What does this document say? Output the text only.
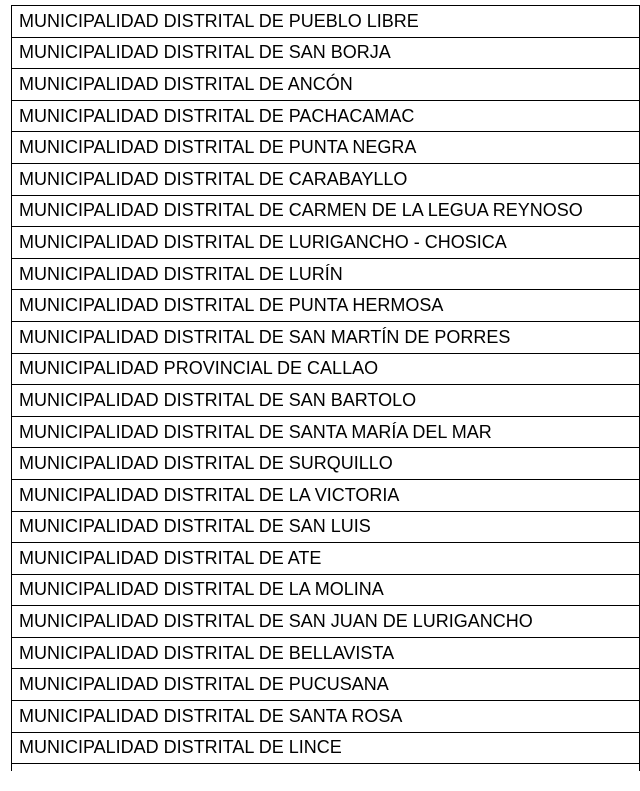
MUNICIPALIDAD DISTRITAL DE PUEBLO LIBRE
MUNICIPALIDAD DISTRITAL DE SAN BORJA
MUNICIPALIDAD DISTRITAL DE ANCÓN
MUNICIPALIDAD DISTRITAL DE PACHACAMAC
MUNICIPALIDAD DISTRITAL DE PUNTA NEGRA
MUNICIPALIDAD DISTRITAL DE CARABAYLLO
MUNICIPALIDAD DISTRITAL DE CARMEN DE LA LEGUA REYNOSO
MUNICIPALIDAD DISTRITAL DE LURIGANCHO - CHOSICA
MUNICIPALIDAD DISTRITAL DE LURÍN
MUNICIPALIDAD DISTRITAL DE PUNTA HERMOSA
MUNICIPALIDAD DISTRITAL DE SAN MARTÍN DE PORRES
MUNICIPALIDAD PROVINCIAL DE CALLAO
MUNICIPALIDAD DISTRITAL DE SAN BARTOLO
MUNICIPALIDAD DISTRITAL DE SANTA MARÍA DEL MAR
MUNICIPALIDAD DISTRITAL DE SURQUILLO
MUNICIPALIDAD DISTRITAL DE LA VICTORIA
MUNICIPALIDAD DISTRITAL DE SAN LUIS
MUNICIPALIDAD DISTRITAL DE ATE
MUNICIPALIDAD DISTRITAL DE LA MOLINA
MUNICIPALIDAD DISTRITAL DE SAN JUAN DE LURIGANCHO
MUNICIPALIDAD DISTRITAL DE BELLAVISTA
MUNICIPALIDAD DISTRITAL DE PUCUSANA
MUNICIPALIDAD DISTRITAL DE SANTA ROSA
MUNICIPALIDAD DISTRITAL DE LINCE
